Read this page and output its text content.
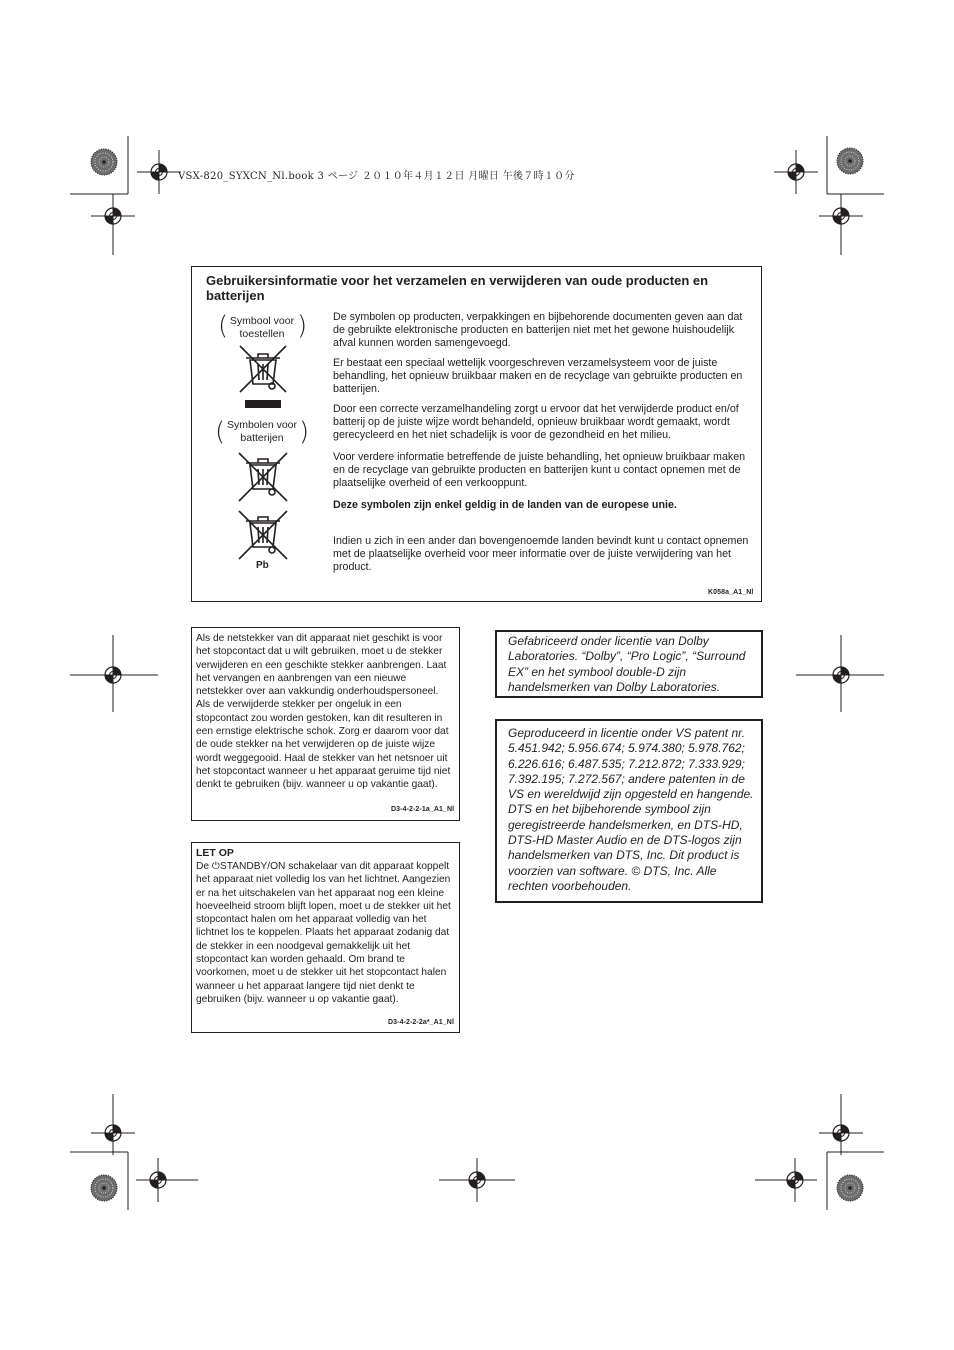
VSX-820_SYXCN_Nl.book 3 ページ ２０１０年４月１２日 月曜日 午後７時１０分
Gebruikersinformatie voor het verzamelen en verwijderen van oude producten en batterijen
( Symbool voor toestellen )
( Symbolen voor batterijen )
Pb
De symbolen op producten, verpakkingen en bijbehorende documenten geven aan dat de gebruikte elektronische producten en batterijen niet met het gewone huishoudelijk afval kunnen worden samengevoegd.
Er bestaat een speciaal wettelijk voorgeschreven verzamelsysteem voor de juiste behandling, het opnieuw bruikbaar maken en de recyclage van gebruikte producten en batterijen.
Door een correcte verzamelhandeling zorgt u ervoor dat het verwijderde product en/of batterij op de juiste wijze wordt behandeld, opnieuw bruikbaar wordt gemaakt, wordt gerecycleerd en het niet schadelijk is voor de gezondheid en het milieu.
Voor verdere informatie betreffende de juiste behandling, het opnieuw bruikbaar maken en de recyclage van gebruikte producten en batterijen kunt u contact opnemen met de plaatselijke overheid of een verkooppunt.
Deze symbolen zijn enkel geldig in de landen van de europese unie.
Indien u zich in een ander dan bovengenoemde landen bevindt kunt u contact opnemen met de plaatselijke overheid voor meer informatie over de juiste verwijdering van het product.
K058a_A1_Nl
Als de netstekker van dit apparaat niet geschikt is voor het stopcontact dat u wilt gebruiken, moet u de stekker verwijderen en een geschikte stekker aanbrengen. Laat het vervangen en aanbrengen van een nieuwe netstekker over aan vakkundig onderhoudspersoneel. Als de verwijderde stekker per ongeluk in een stopcontact zou worden gestoken, kan dit resulteren in een ernstige elektrische schok. Zorg er daarom voor dat de oude stekker na het verwijderen op de juiste wijze wordt weggegooid. Haal de stekker van het netsnoer uit het stopcontact wanneer u het apparaat geruime tijd niet denkt te gebruiken (bijv. wanneer u op vakantie gaat).
D3-4-2-2-1a_A1_Nl
LET OP
De ⏻STANDBY/ON schakelaar van dit apparaat koppelt het apparaat niet volledig los van het lichtnet. Aangezien er na het uitschakelen van het apparaat nog een kleine hoeveelheid stroom blijft lopen, moet u de stekker uit het stopcontact halen om het apparaat volledig van het lichtnet los te koppelen. Plaats het apparaat zodanig dat de stekker in een noodgeval gemakkelijk uit het stopcontact kan worden gehaald. Om brand te voorkomen, moet u de stekker uit het stopcontact halen wanneer u het apparaat langere tijd niet denkt te gebruiken (bijv. wanneer u op vakantie gaat).
D3-4-2-2-2a*_A1_Nl
Gefabriceerd onder licentie van Dolby Laboratories. “Dolby”, “Pro Logic”, “Surround EX” en het symbool double-D zijn handelsmerken van Dolby Laboratories.
Geproduceerd in licentie onder VS patent nr. 5.451.942; 5.956.674; 5.974.380; 5.978.762; 6.226.616; 6.487.535; 7.212.872; 7.333.929; 7.392.195; 7.272.567; andere patenten in de VS en wereldwijd zijn opgesteld en hangende. DTS en het bijbehorende symbool zijn geregistreerde handelsmerken, en DTS-HD, DTS-HD Master Audio en de DTS-logos zijn handelsmerken van DTS, Inc. Dit product is voorzien van software. © DTS, Inc. Alle rechten voorbehouden.
